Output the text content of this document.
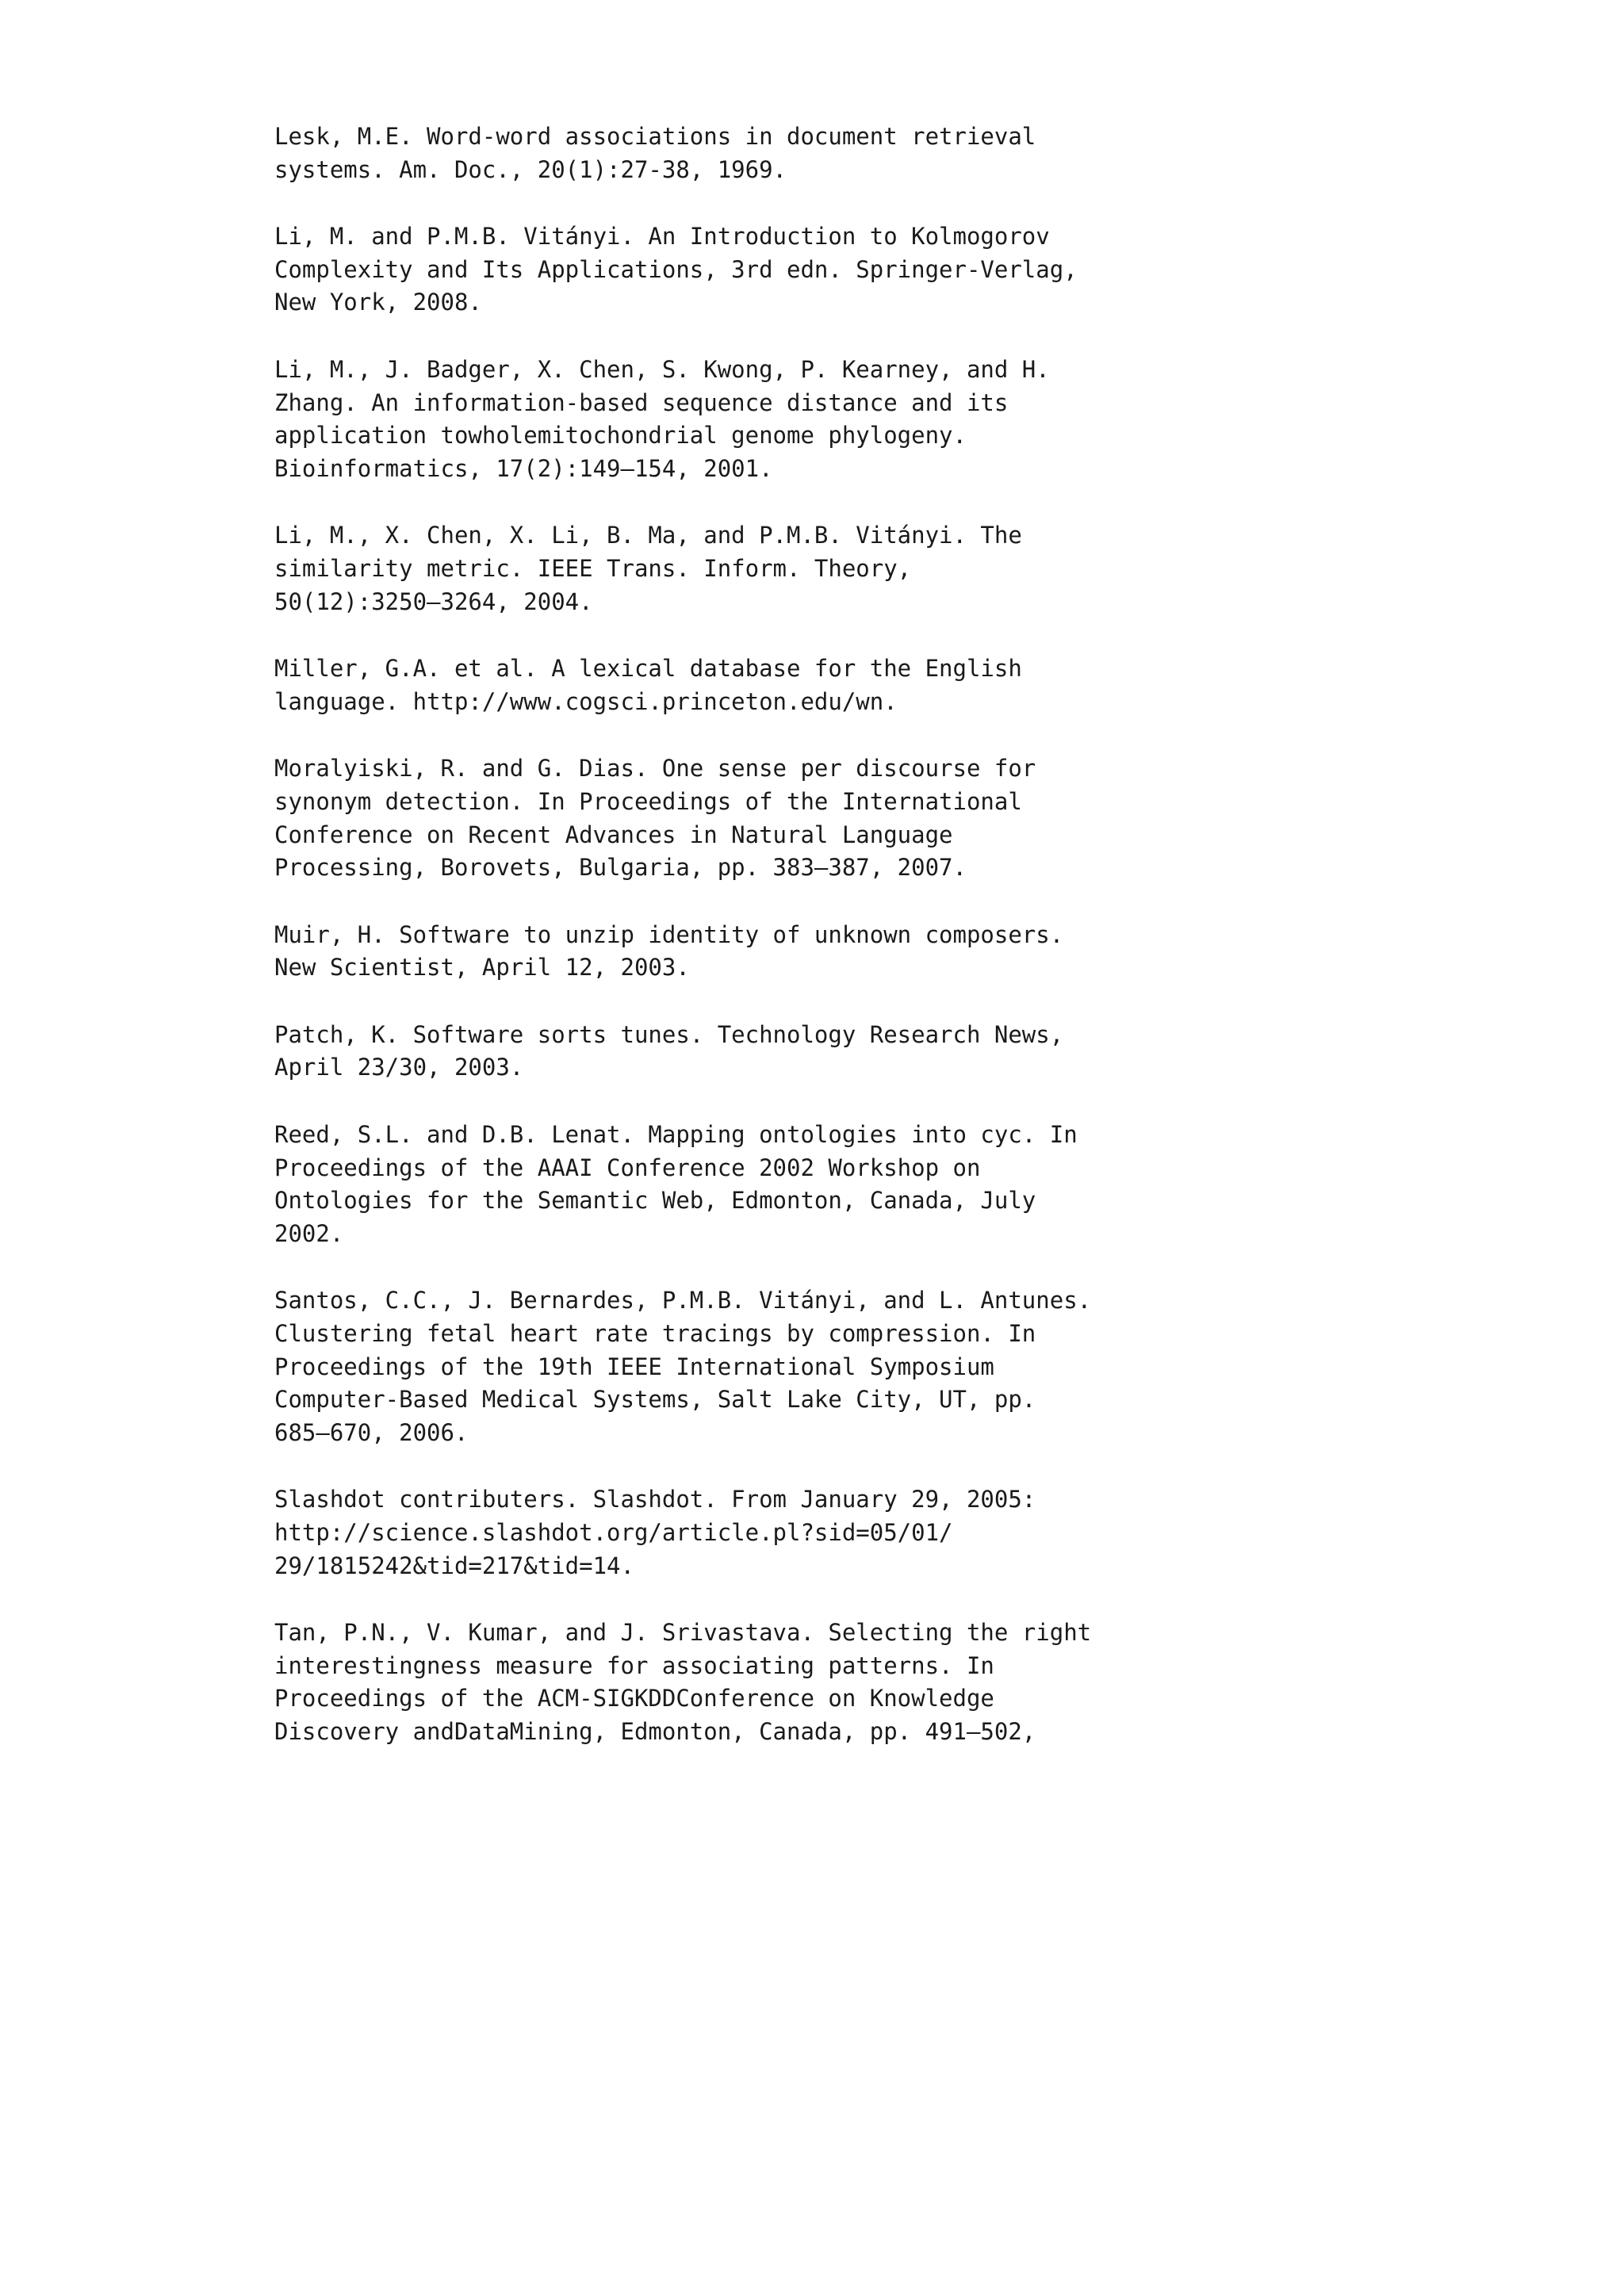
Lesk, M.E. Word-word associations in document retrieval
systems. Am. Doc., 20(1):27-38, 1969.
Li, M. and P.M.B. Vitányi. An Introduction to Kolmogorov
Complexity and Its Applications, 3rd edn. Springer-Verlag,
New York, 2008.
Li, M., J. Badger, X. Chen, S. Kwong, P. Kearney, and H.
Zhang. An information-based sequence distance and its
application towholemitochondrial genome phylogeny.
Bioinformatics, 17(2):149–154, 2001.
Li, M., X. Chen, X. Li, B. Ma, and P.M.B. Vitányi. The
similarity metric. IEEE Trans. Inform. Theory,
50(12):3250–3264, 2004.
Miller, G.A. et al. A lexical database for the English
language. http://www.cogsci.princeton.edu/wn.
Moralyiski, R. and G. Dias. One sense per discourse for
synonym detection. In Proceedings of the International
Conference on Recent Advances in Natural Language
Processing, Borovets, Bulgaria, pp. 383–387, 2007.
Muir, H. Software to unzip identity of unknown composers.
New Scientist, April 12, 2003.
Patch, K. Software sorts tunes. Technology Research News,
April 23/30, 2003.
Reed, S.L. and D.B. Lenat. Mapping ontologies into cyc. In
Proceedings of the AAAI Conference 2002 Workshop on
Ontologies for the Semantic Web, Edmonton, Canada, July
2002.
Santos, C.C., J. Bernardes, P.M.B. Vitányi, and L. Antunes.
Clustering fetal heart rate tracings by compression. In
Proceedings of the 19th IEEE International Symposium
Computer-Based Medical Systems, Salt Lake City, UT, pp.
685–670, 2006.
Slashdot contributers. Slashdot. From January 29, 2005:
http://science.slashdot.org/article.pl?sid=05/01/
29/1815242&tid=217&tid=14.
Tan, P.N., V. Kumar, and J. Srivastava. Selecting the right
interestingness measure for associating patterns. In
Proceedings of the ACM-SIGKDDConference on Knowledge
Discovery andDataMining, Edmonton, Canada, pp. 491–502,
